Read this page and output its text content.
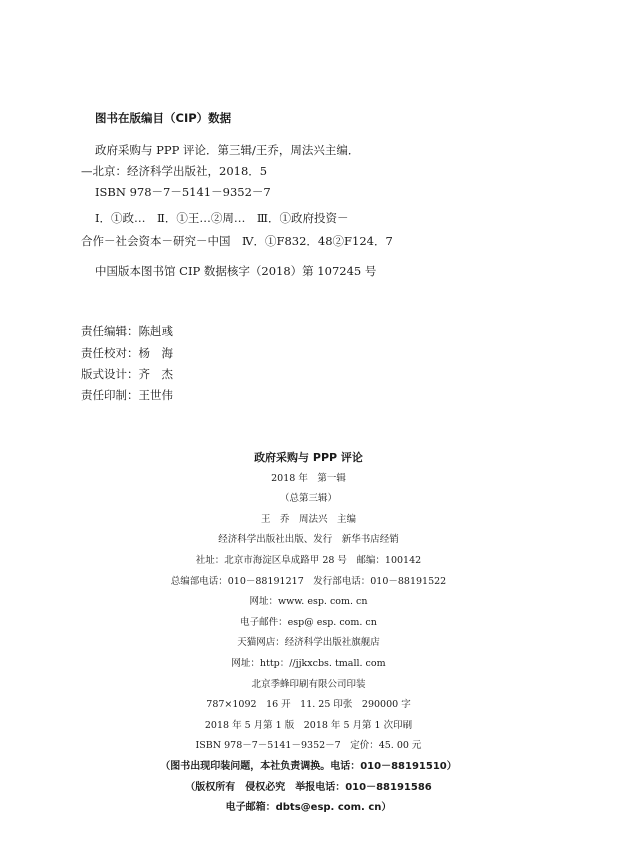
图书在版编目（CIP）数据
政府采购与 PPP 评论．第三辑/王乔，周法兴主编．
—北京：经济科学出版社，2018．5
ISBN 978－7－5141－9352－7
Ⅰ．①政…　Ⅱ．①王…②周…　Ⅲ．①政府投资－
合作－社会资本－研究－中国　Ⅳ．①F832．48②F124．7
中国版本图书馆 CIP 数据核字（2018）第 107245 号
责任编辑：陈赳彧
责任校对：杨　海
版式设计：齐　杰
责任印制：王世伟
政府采购与 PPP 评论
2018 年　第一辑
（总第三辑）
王　乔　周法兴　主编
经济科学出版社出版、发行　新华书店经销
社址：北京市海淀区阜成路甲 28 号　邮编：100142
总编部电话：010－88191217　发行部电话：010－88191522
网址：www. esp. com. cn
电子邮件：esp@ esp. com. cn
天猫网店：经济科学出版社旗舰店
网址：http：//jjkxcbs. tmall. com
北京季蜂印刷有限公司印装
787×1092　16 开　11. 25 印张　290000 字
2018 年 5 月第 1 版　2018 年 5 月第 1 次印刷
ISBN 978－7－5141－9352－7　定价：45. 00 元
（图书出现印装问题，本社负责调换。电话：010－88191510）
（版权所有　侵权必究　举报电话：010－88191586
电子邮箱：dbts@esp. com. cn）
